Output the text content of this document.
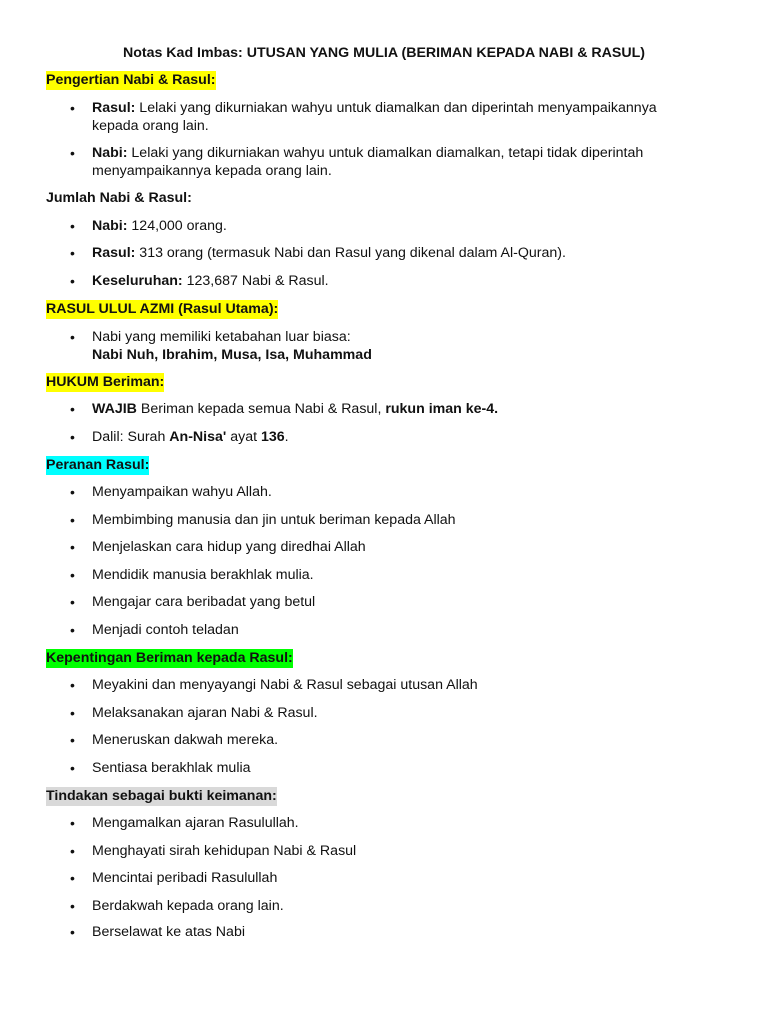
Notas Kad Imbas: UTUSAN YANG MULIA (BERIMAN KEPADA NABI & RASUL)
Pengertian Nabi & Rasul:
•	Rasul: Lelaki yang dikurniakan wahyu untuk diamalkan dan diperintah menyampaikannya
kepada orang lain.
•	Nabi: Lelaki yang dikurniakan wahyu untuk diamalkan diamalkan, tetapi tidak diperintah
menyampaikannya kepada orang lain.
Jumlah Nabi & Rasul:
•	Nabi: 124,000 orang.
•	Rasul: 313 orang (termasuk Nabi dan Rasul yang dikenal dalam Al-Quran).
•	Keseluruhan: 123,687 Nabi & Rasul.
RASUL ULUL AZMI (Rasul Utama):
•	Nabi yang memiliki ketabahan luar biasa:
Nabi Nuh, Ibrahim, Musa, Isa, Muhammad
HUKUM Beriman:
•	WAJIB Beriman kepada semua Nabi & Rasul, rukun iman ke-4.
•	Dalil: Surah An-Nisa' ayat 136.
Peranan Rasul:
•	Menyampaikan wahyu Allah.
•	Membimbing manusia dan jin untuk beriman kepada Allah
•	Menjelaskan cara hidup yang diredhai Allah
•	Mendidik manusia berakhlak mulia.
•	Mengajar cara beribadat yang betul
•	Menjadi contoh teladan
Kepentingan Beriman kepada Rasul:
•	Meyakini dan menyayangi Nabi & Rasul sebagai utusan Allah
•	Melaksanakan ajaran Nabi & Rasul.
•	Meneruskan dakwah mereka.
•	Sentiasa berakhlak mulia
Tindakan sebagai bukti keimanan:
•	Mengamalkan ajaran Rasulullah.
•	Menghayati sirah kehidupan Nabi & Rasul
•	Mencintai peribadi Rasulullah
•	Berdakwah kepada orang lain.
•	Berselawat ke atas Nabi
